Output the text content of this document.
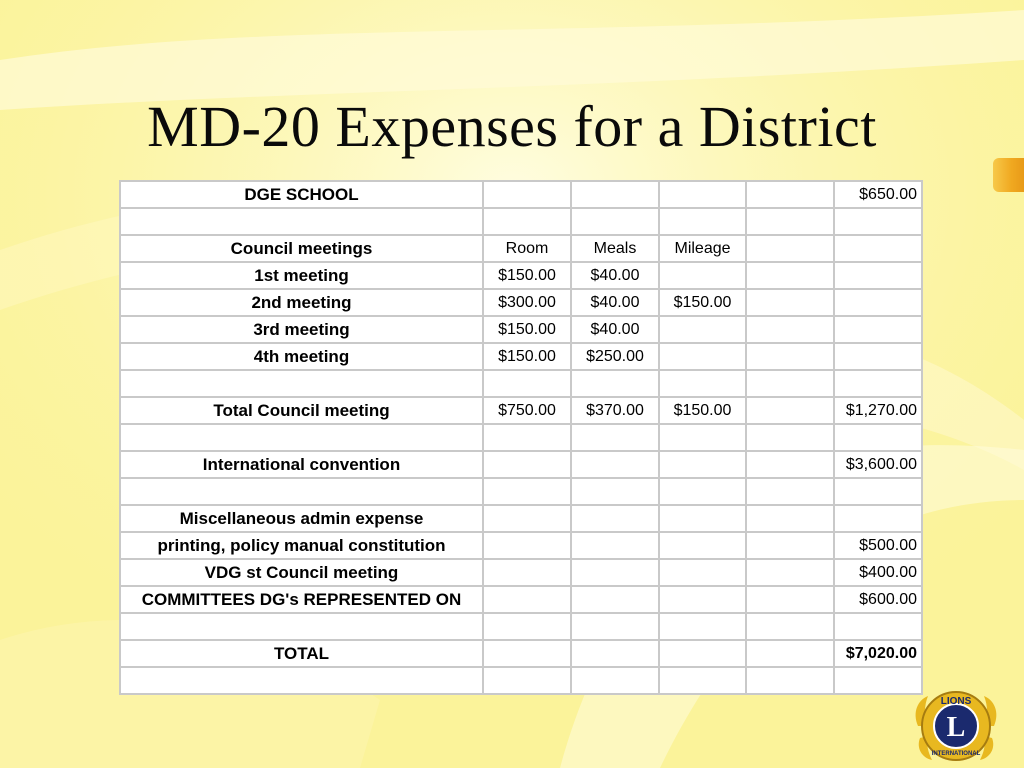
MD-20 Expenses for a District
DGE SCHOOL					$650.00

Council meetings	Room	Meals	Mileage		
1st meeting	$150.00	$40.00			
2nd meeting	$300.00	$40.00	$150.00		
3rd meeting	$150.00	$40.00			
4th meeting	$150.00	$250.00			

Total Council meeting	$750.00	$370.00	$150.00		$1,270.00

International convention					$3,600.00

Miscellaneous admin expense					
printing, policy manual constitution					$500.00
VDG st Council meeting					$400.00
COMMITTEES DG's REPRESENTED ON					$600.00

TOTAL					$7,020.00

LIONS
L
INTERNATIONAL
